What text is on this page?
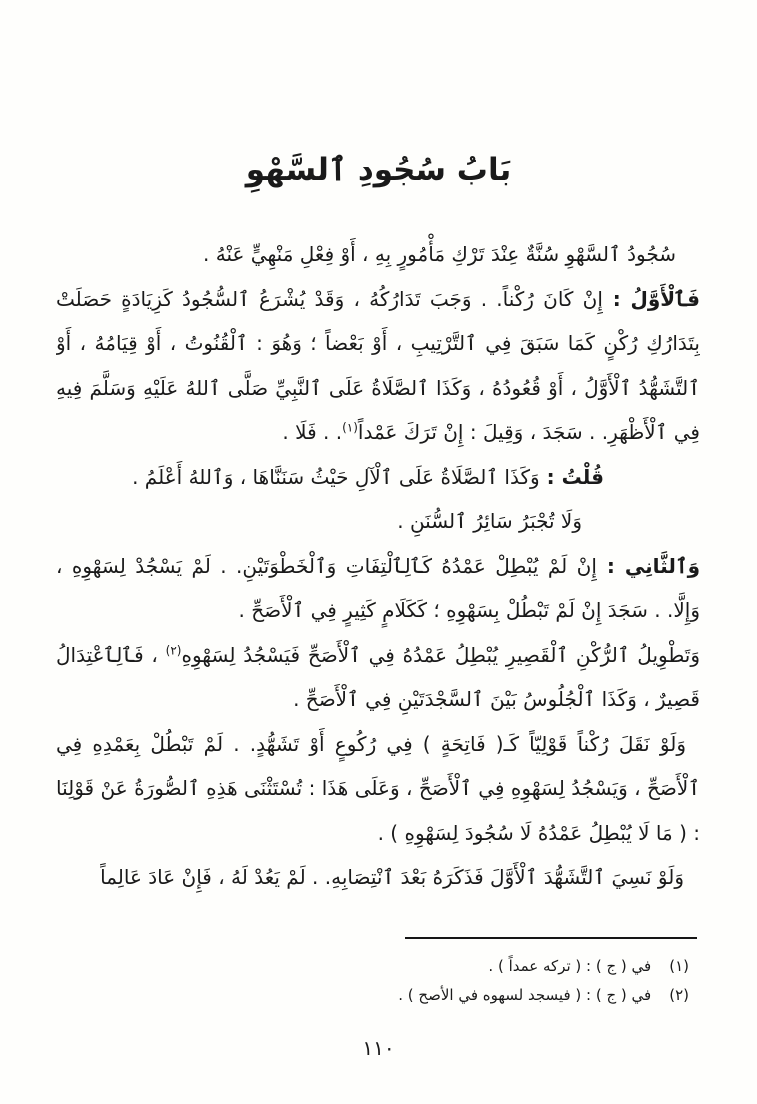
بَابُ سُجُودِ ٱلسَّهْوِ

سُجُودُ ٱلسَّهْوِ سُنَّةٌ عِنْدَ تَرْكِ مَأْمُورٍ بِهِ ، أَوْ فِعْلِ مَنْهِيٍّ عَنْهُ .

فَٱلْأَوَّلُ : إِنْ كَانَ رُكْناً. . وَجَبَ تَدَارُكُهُ ، وَقَدْ يُشْرَعُ ٱلسُّجُودُ كَزِيَادَةٍ حَصَلَتْ بِتَدَارُكِ رُكْنٍ كَمَا سَبَقَ فِي ٱلتَّرْتِيبِ ، أَوْ بَعْضاً ؛ وَهُوَ : ٱلْقُنُوتُ ، أَوْ قِيَامُهُ ، أَوْ ٱلتَّشَهُّدُ ٱلْأَوَّلُ ، أَوْ قُعُودُهُ ، وَكَذَا ٱلصَّلَاةُ عَلَى ٱلنَّبِيِّ صَلَّى ٱللهُ عَلَيْهِ وَسَلَّمَ فِيهِ فِي ٱلْأَظْهَرِ. . سَجَدَ ، وَقِيلَ : إِنْ تَرَكَ عَمْداً$^{(١)}$. . فَلَا .

قُلْتُ : وَكَذَا ٱلصَّلَاةُ عَلَى ٱلْآلِ حَيْثُ سَنَنَّاهَا ، وَٱللهُ أَعْلَمُ .

وَلَا تُجْبَرُ سَائِرُ ٱلسُّنَنِ .

وَٱلثَّانِي : إِنْ لَمْ يُبْطِلْ عَمْدُهُ كَٱلِٱلْتِفَاتِ وَٱلْخَطْوَتَيْنِ. . لَمْ يَسْجُدْ لِسَهْوِهِ ، وَإِلَّا. . سَجَدَ إِنْ لَمْ تَبْطُلْ بِسَهْوِهِ ؛ كَكَلَامٍ كَثِيرٍ فِي ٱلْأَصَحِّ .

وَتَطْوِيلُ ٱلرُّكْنِ ٱلْقَصِيرِ يُبْطِلُ عَمْدُهُ فِي ٱلْأَصَحِّ فَيَسْجُدُ لِسَهْوِهِ$^{(٢)}$ ، فَٱلِٱعْتِدَالُ قَصِيرٌ ، وَكَذَا ٱلْجُلُوسُ بَيْنَ ٱلسَّجْدَتَيْنِ فِي ٱلْأَصَحِّ .

وَلَوْ نَقَلَ رُكْناً قَوْلِيّاً كَـ( فَاتِحَةٍ ) فِي رُكُوعٍ أَوْ تَشَهُّدٍ. . لَمْ تَبْطُلْ بِعَمْدِهِ فِي ٱلْأَصَحِّ ، وَيَسْجُدُ لِسَهْوِهِ فِي ٱلْأَصَحِّ ، وَعَلَى هَذَا : تُسْتَثْنَى هَذِهِ ٱلصُّورَةُ عَنْ قَوْلِنَا : ( مَا لَا يُبْطِلُ عَمْدُهُ لَا سُجُودَ لِسَهْوِهِ ) .

وَلَوْ نَسِيَ ٱلتَّشَهُّدَ ٱلْأَوَّلَ فَذَكَرَهُ بَعْدَ ٱنْتِصَابِهِ. . لَمْ يَعُدْ لَهُ ، فَإِنْ عَادَ عَالِماً

(١)في ( ج ) : ( تركه عمداً ) .
(٢)في ( ج ) : ( فيسجد لسهوه في الأصح ) .
١١٠
